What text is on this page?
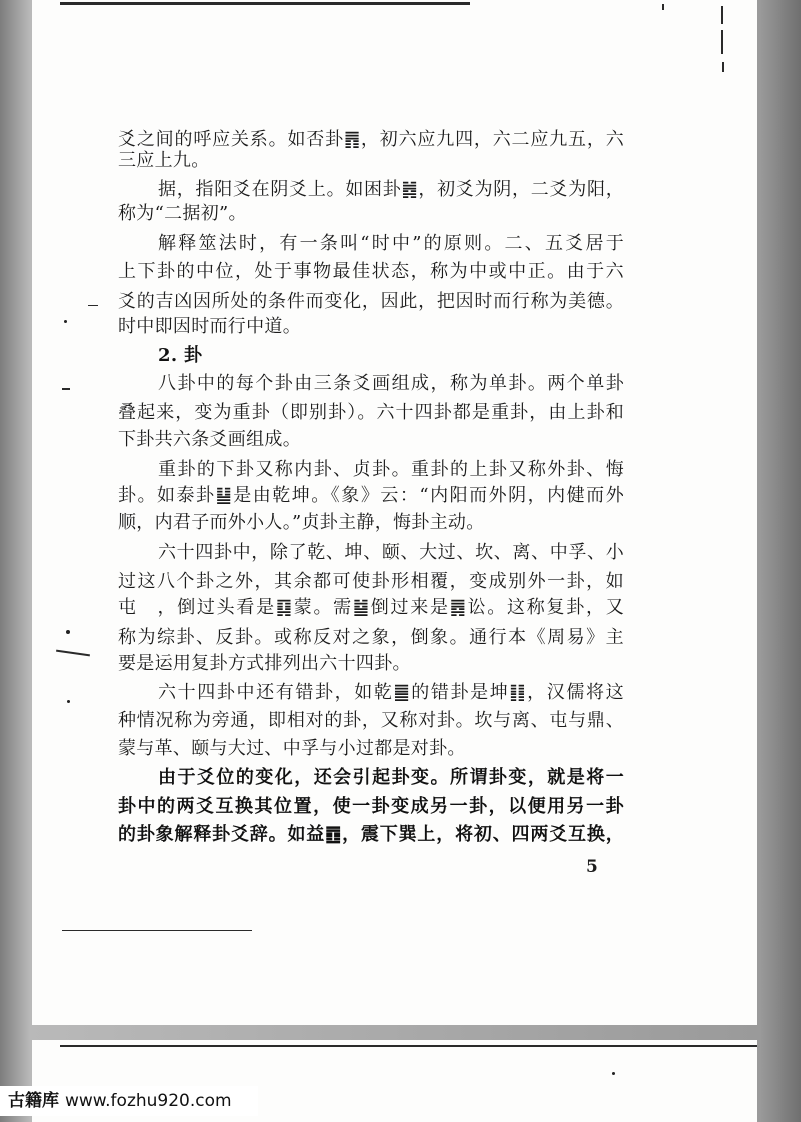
爻之间的呼应关系。如否卦䷋，初六应九四，六二应九五，六
三应上九。
据，指阳爻在阴爻上。如困卦䷮，初爻为阴，二爻为阳，
称为“二据初”。
解释筮法时，有一条叫“时中”的原则。二、五爻居于
上下卦的中位，处于事物最佳状态，称为中或中正。由于六
爻的吉凶因所处的条件而变化，因此，把因时而行称为美德。
时中即因时而行中道。
2. 卦
八卦中的每个卦由三条爻画组成，称为单卦。两个单卦
叠起来，变为重卦（即别卦）。六十四卦都是重卦，由上卦和
下卦共六条爻画组成。
重卦的下卦又称内卦、贞卦。重卦的上卦又称外卦、悔
卦。如泰卦䷊是由乾坤。《象》云：“内阳而外阴，内健而外
顺，内君子而外小人。”贞卦主静，悔卦主动。
六十四卦中，除了乾、坤、颐、大过、坎、离、中孚、小
过这八个卦之外，其余都可使卦形相覆，变成别外一卦，如
屯　，倒过头看是䷃蒙。需䷄倒过来是䷅讼。这称复卦，又
称为综卦、反卦。或称反对之象，倒象。通行本《周易》主
要是运用复卦方式排列出六十四卦。
六十四卦中还有错卦，如乾䷀的错卦是坤䷁，汉儒将这
种情况称为旁通，即相对的卦，又称对卦。坎与离、屯与鼎、
蒙与革、颐与大过、中孚与小过都是对卦。
由于爻位的变化，还会引起卦变。所谓卦变，就是将一
卦中的两爻互换其位置，使一卦变成另一卦，以便用另一卦
的卦象解释卦爻辞。如益䷩，震下巽上，将初、四两爻互换，
5
古籍库 www.fozhu920.com
